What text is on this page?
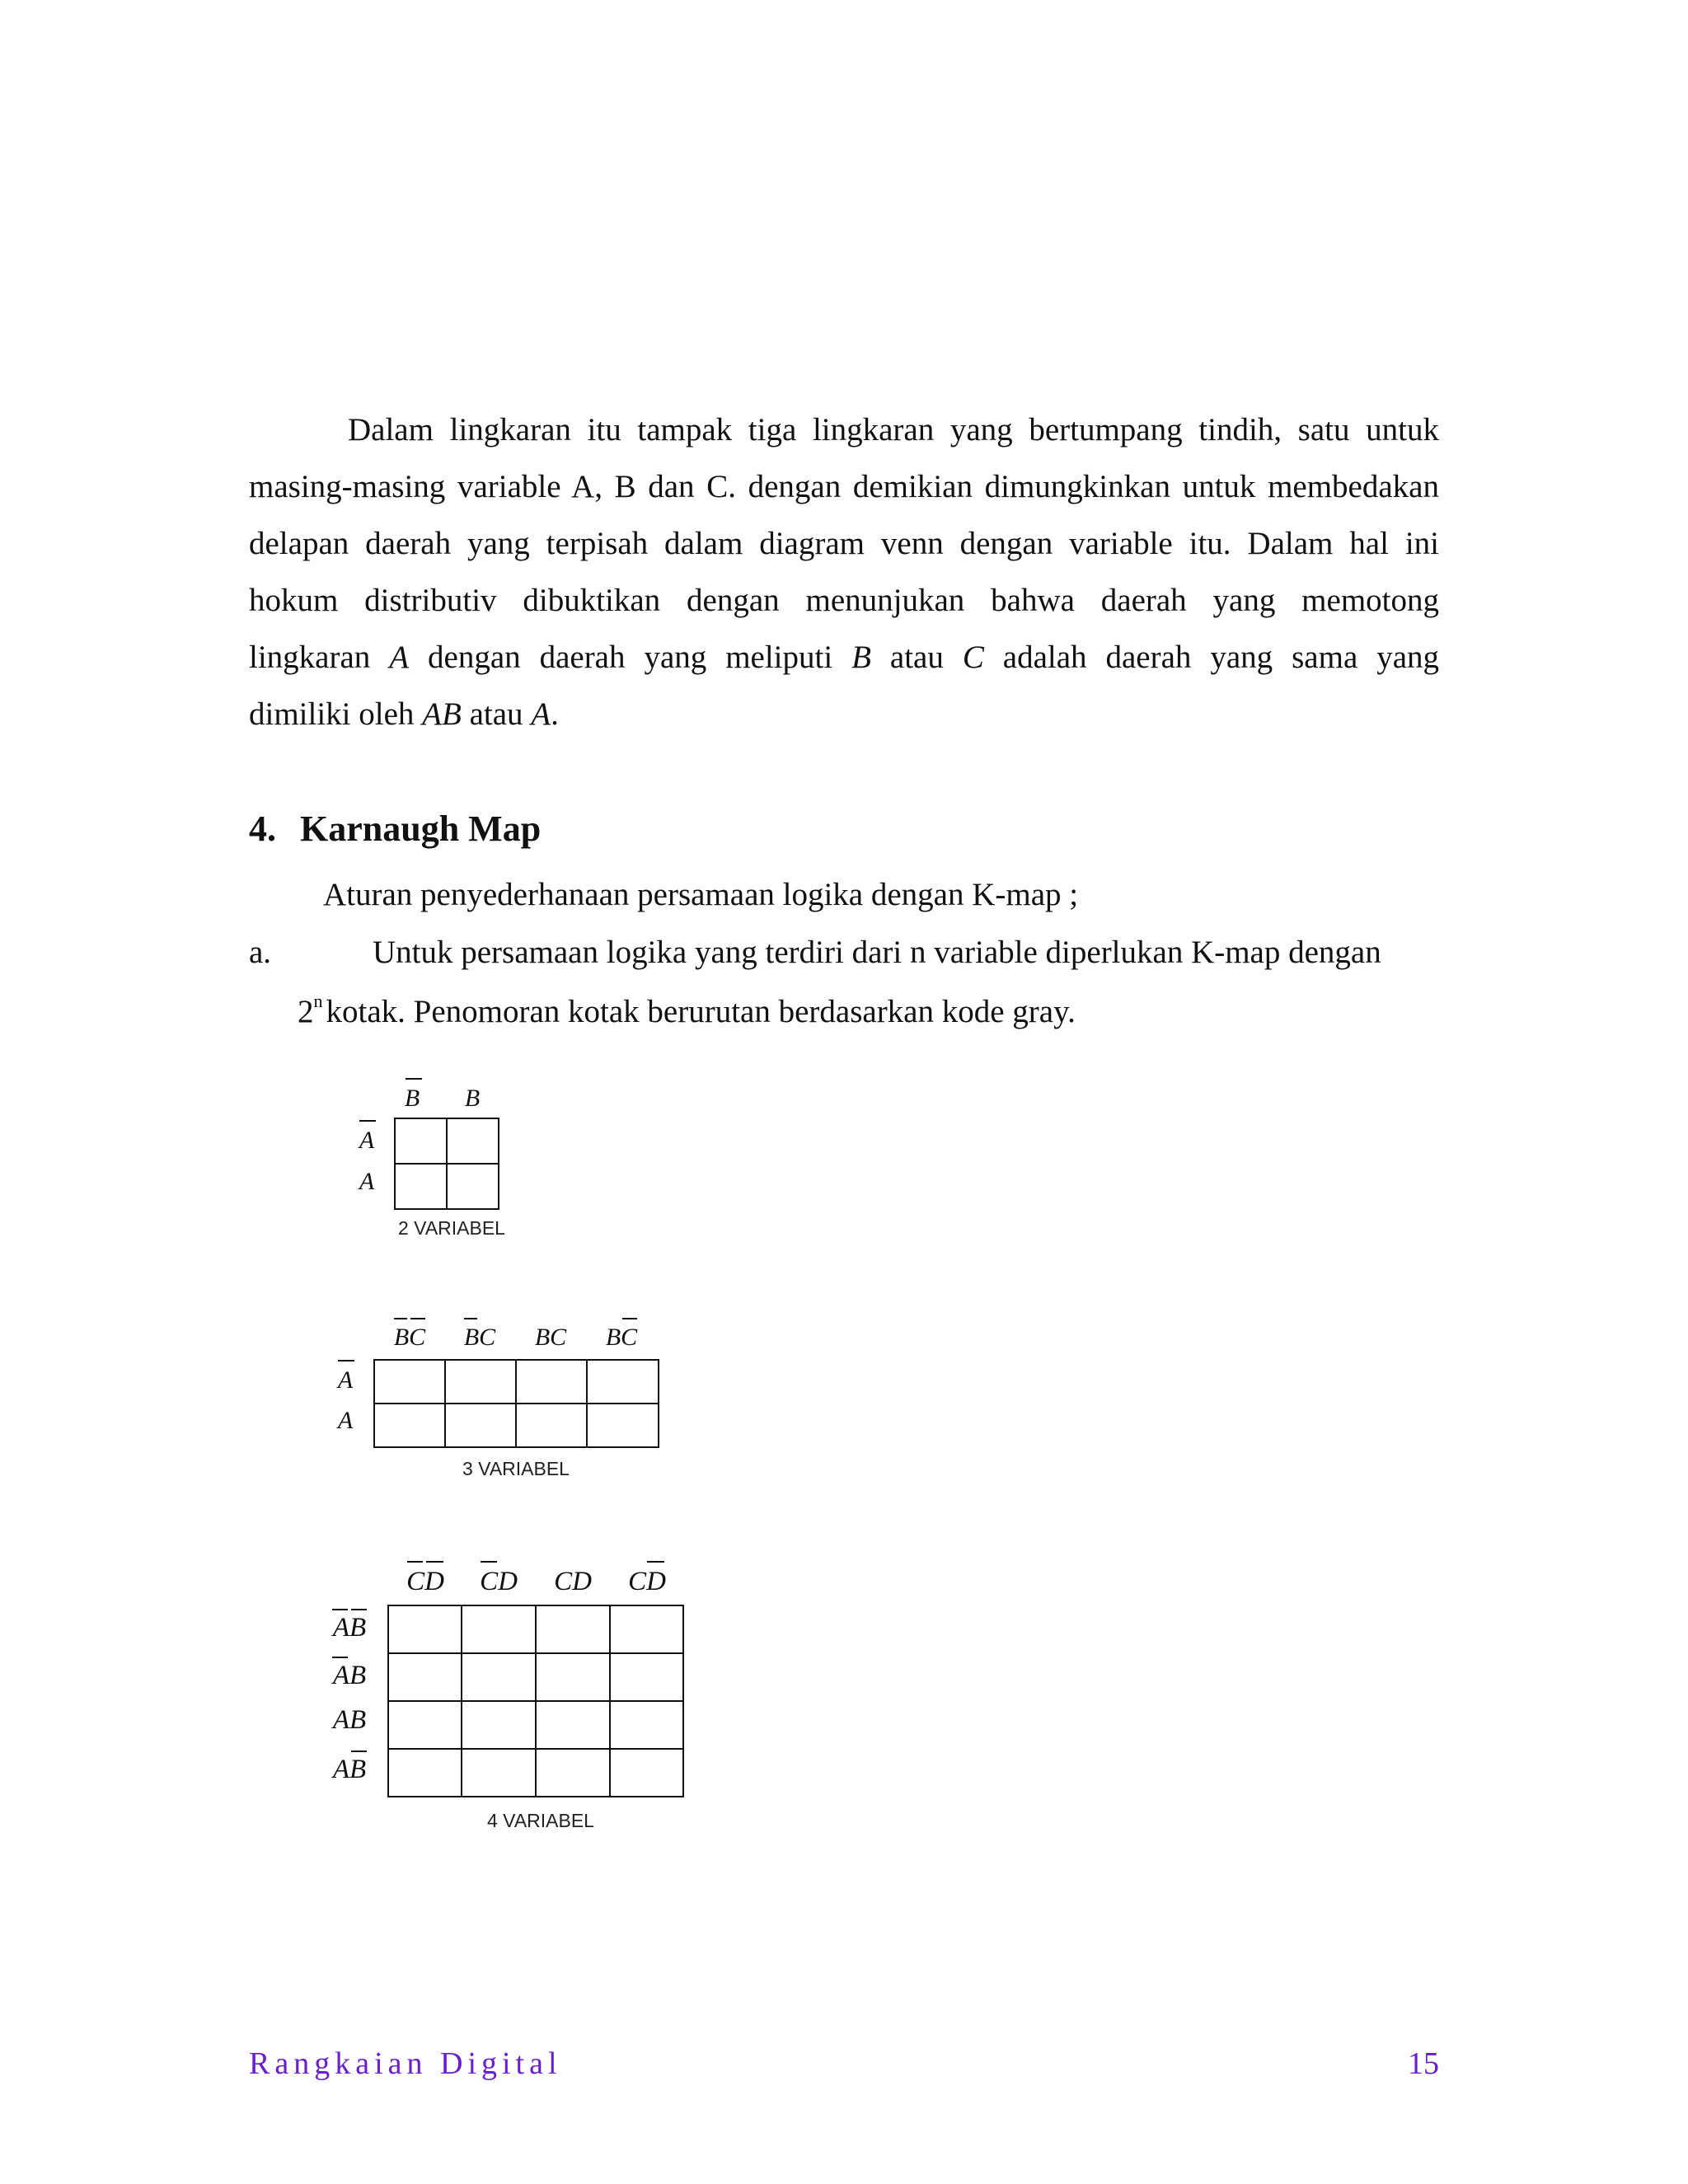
Dalam lingkaran itu tampak tiga lingkaran yang bertumpang tindih, satu untuk
masing-masing variable A, B dan C. dengan demikian dimungkinkan untuk membedakan
delapan daerah yang terpisah dalam diagram venn dengan variable itu. Dalam hal ini
hokum distributiv dibuktikan dengan menunjukan bahwa daerah yang memotong
lingkaran A dengan daerah yang meliputi B atau C adalah daerah yang sama yang
dimiliki oleh AB atau A.
4. Karnaugh Map
Aturan penyederhanaan persamaan logika dengan K-map ;
a.	Untuk persamaan logika yang terdiri dari n variable diperlukan K-map dengan
2$^n$ kotak. Penomoran kotak berurutan berdasarkan kode gray.
B B
A
A
BC BC BC BC
A
A
CD CD CD CD
AB
AB
AB
AB
2 VARIABEL
3 VARIABEL
4 VARIABEL
Rangkaian Digital	15
